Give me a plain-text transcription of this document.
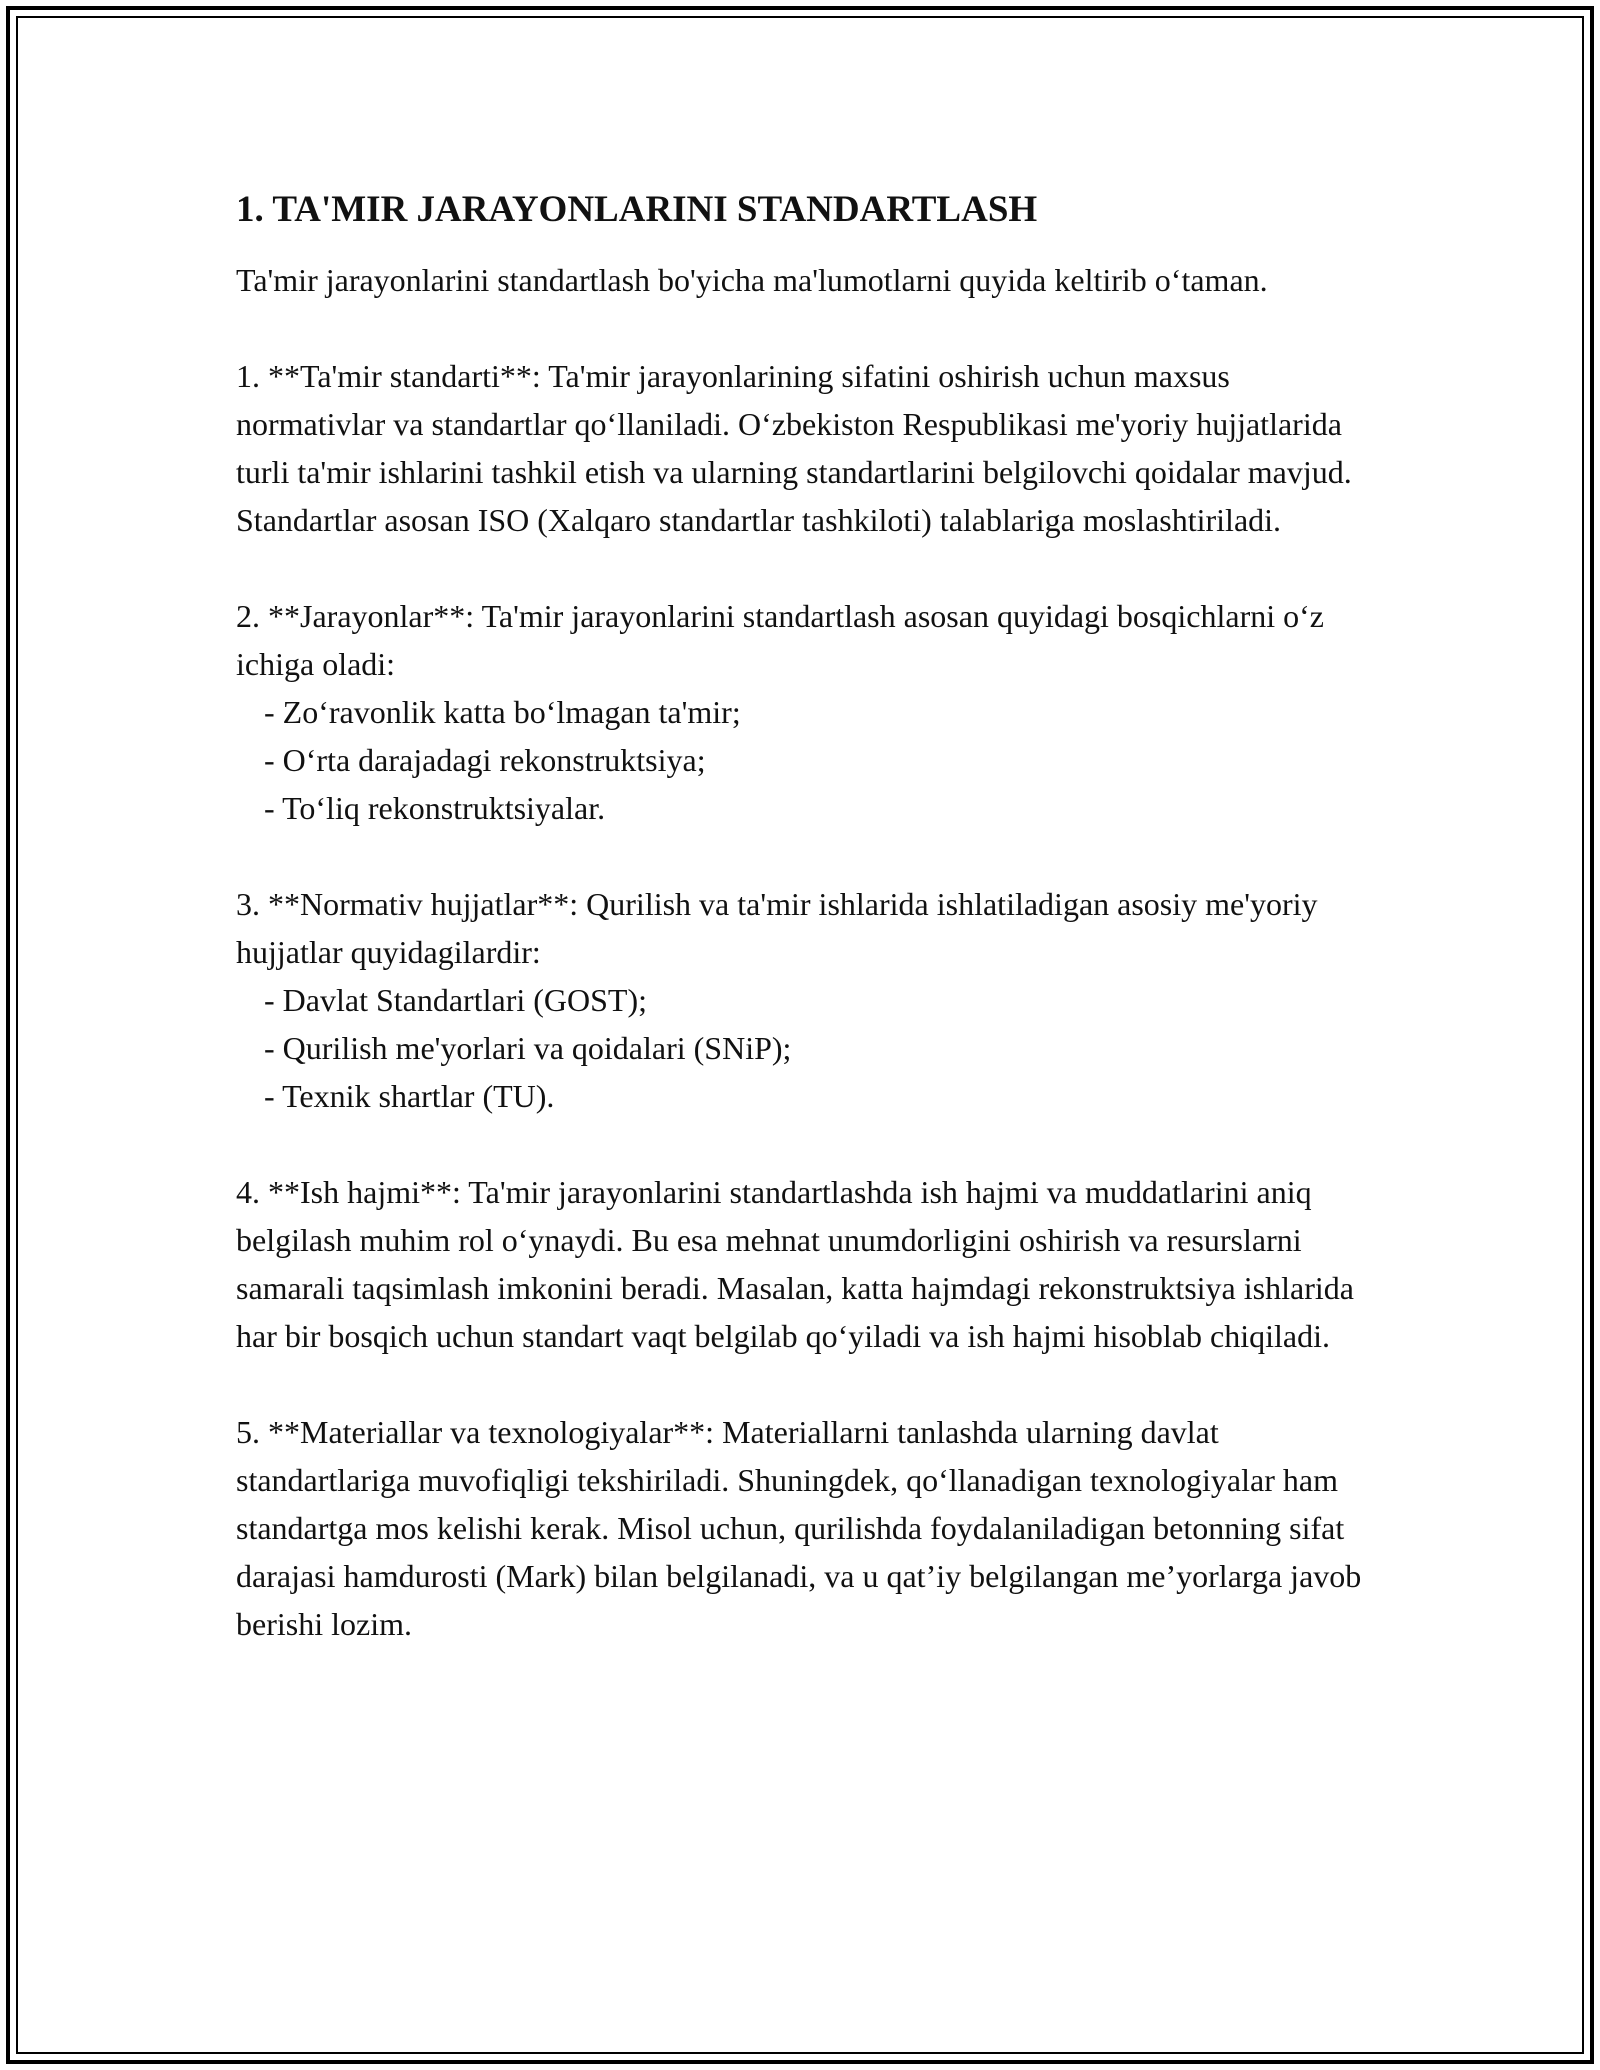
1. TA'MIR JARAYONLARINI STANDARTLASH

Ta'mir jarayonlarini standartlash bo'yicha ma'lumotlarni quyida keltirib o‘taman.

1. **Ta'mir standarti**: Ta'mir jarayonlarining sifatini oshirish uchun maxsus normativlar va standartlar qo‘llaniladi. O‘zbekiston Respublikasi me'yoriy hujjatlarida turli ta'mir ishlarini tashkil etish va ularning standartlarini belgilovchi qoidalar mavjud. Standartlar asosan ISO (Xalqaro standartlar tashkiloti) talablariga moslashtiriladi.

2. **Jarayonlar**: Ta'mir jarayonlarini standartlash asosan quyidagi bosqichlarni o‘z ichiga oladi:

- Zo‘ravonlik katta bo‘lmagan ta'mir;
- O‘rta darajadagi rekonstruktsiya;
- To‘liq rekonstruktsiyalar.

3. **Normativ hujjatlar**: Qurilish va ta'mir ishlarida ishlatiladigan asosiy me'yoriy hujjatlar quyidagilardir:

- Davlat Standartlari (GOST);
- Qurilish me'yorlari va qoidalari (SNiP);
- Texnik shartlar (TU).

4. **Ish hajmi**: Ta'mir jarayonlarini standartlashda ish hajmi va muddatlarini aniq belgilash muhim rol o‘ynaydi. Bu esa mehnat unumdorligini oshirish va resurslarni samarali taqsimlash imkonini beradi. Masalan, katta hajmdagi rekonstruktsiya ishlarida har bir bosqich uchun standart vaqt belgilab qo‘yiladi va ish hajmi hisoblab chiqiladi.

5. **Materiallar va texnologiyalar**: Materiallarni tanlashda ularning davlat standartlariga muvofiqligi tekshiriladi. Shuningdek, qo‘llanadigan texnologiyalar ham standartga mos kelishi kerak. Misol uchun, qurilishda foydalaniladigan betonning sifat darajasi hamdurosti (Mark) bilan belgilanadi, va u qat’iy belgilangan me’yorlarga javob berishi lozim.
